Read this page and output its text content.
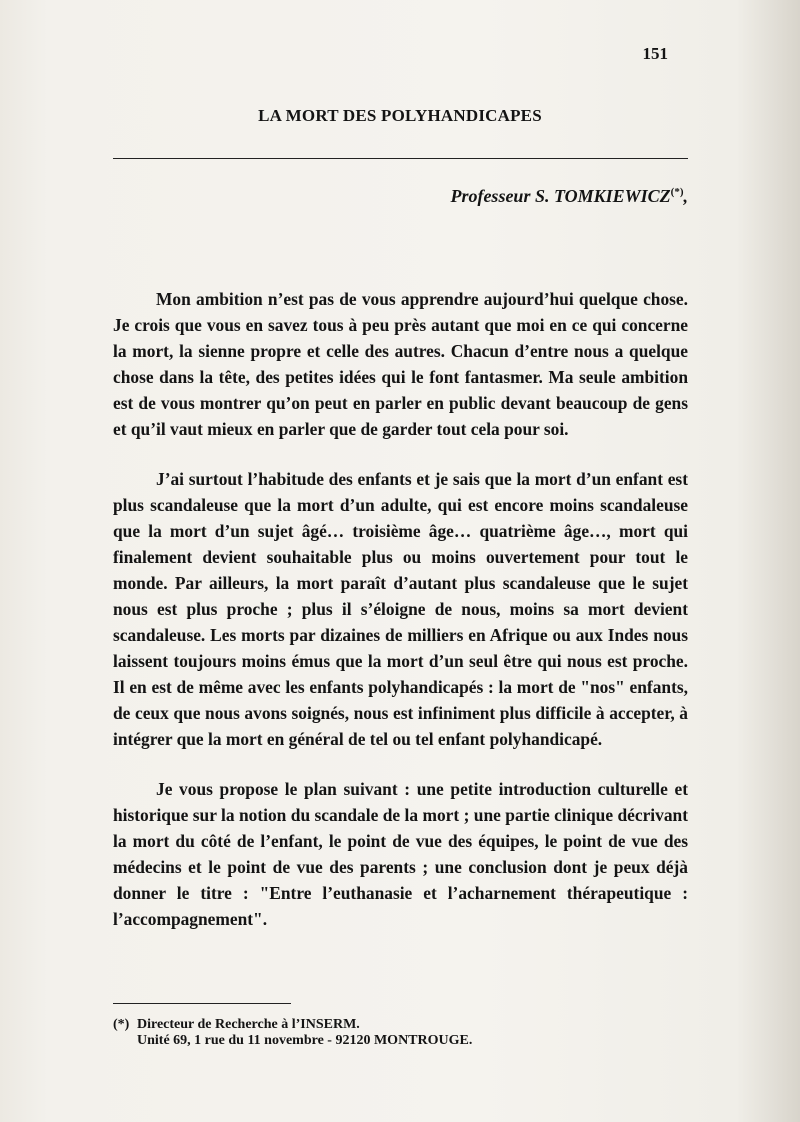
151
LA MORT DES POLYHANDICAPES
Professeur S. TOMKIEWICZ(*),

Mon ambition n’est pas de vous apprendre aujourd’hui quelque chose. Je crois que vous en savez tous à peu près autant que moi en ce qui concerne la mort, la sienne propre et celle des autres. Chacun d’entre nous a quelque chose dans la tête, des petites idées qui le font fantasmer. Ma seule ambition est de vous montrer qu’on peut en parler en public devant beaucoup de gens et qu’il vaut mieux en parler que de garder tout cela pour soi.

J’ai surtout l’habitude des enfants et je sais que la mort d’un enfant est plus scandaleuse que la mort d’un adulte, qui est encore moins scandaleuse que la mort d’un sujet âgé… troisième âge… quatrième âge…, mort qui finalement devient souhaitable plus ou moins ouvertement pour tout le monde. Par ailleurs, la mort paraît d’autant plus scandaleuse que le sujet nous est plus proche ; plus il s’éloigne de nous, moins sa mort devient scandaleuse. Les morts par dizaines de milliers en Afrique ou aux Indes nous laissent toujours moins émus que la mort d’un seul être qui nous est proche. Il en est de même avec les enfants polyhandicapés : la mort de "nos" enfants, de ceux que nous avons soignés, nous est infiniment plus difficile à accepter, à intégrer que la mort en général de tel ou tel enfant polyhandicapé.

Je vous propose le plan suivant : une petite introduction culturelle et historique sur la notion du scandale de la mort ; une partie clinique décrivant la mort du côté de l’enfant, le point de vue des équipes, le point de vue des médecins et le point de vue des parents ; une conclusion dont je peux déjà donner le titre : "Entre l’euthanasie et l’acharnement thérapeutique : l’accompagnement".

(*) Directeur de Recherche à l’INSERM.
Unité 69, 1 rue du 11 novembre - 92120 MONTROUGE.
